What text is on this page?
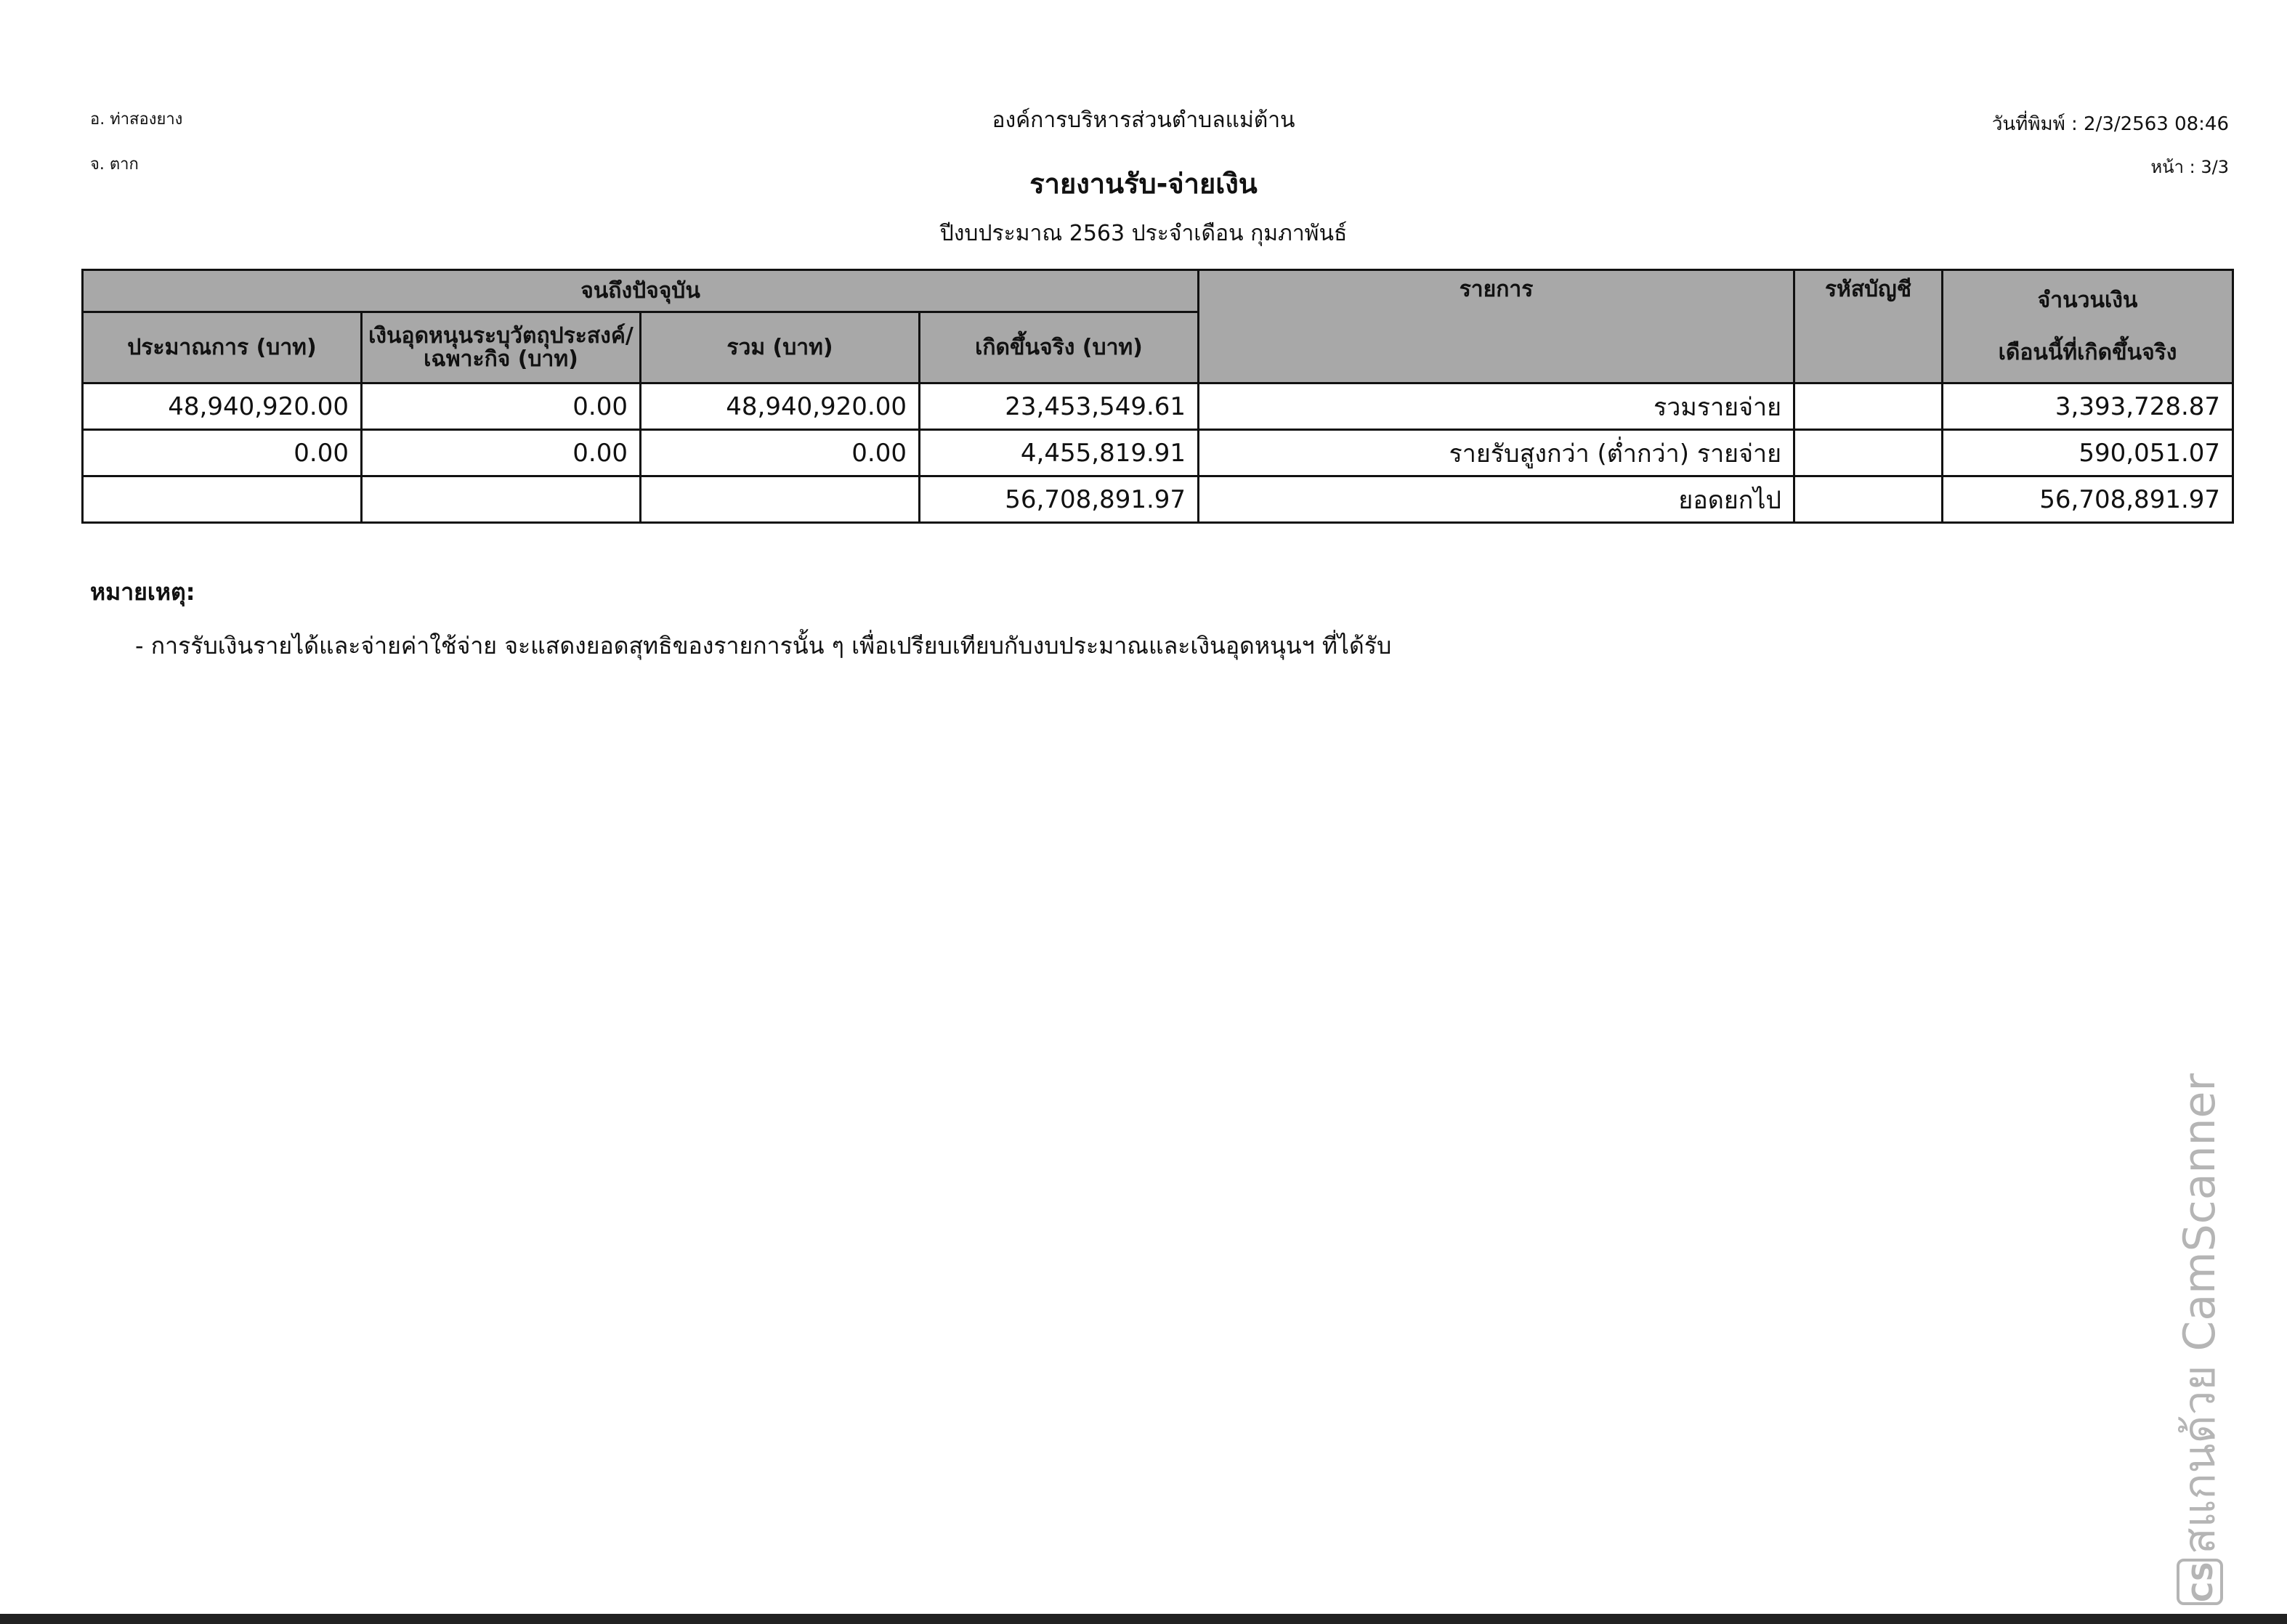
อ. ท่าสองยาง
จ. ตาก
องค์การบริหารส่วนตำบลแม่ต้าน
รายงานรับ-จ่ายเงิน
ปีงบประมาณ 2563 ประจำเดือน กุมภาพันธ์
วันที่พิมพ์ : 2/3/2563 08:46
หน้า : 3/3
จนถึงปัจจุบัน				รายการ	รหัสบัญชี	จำนวนเงิน
เดือนนี้ที่เกิดขึ้นจริง

ประมาณการ (บาท)	เงินอุดหนุนระบุวัตถุประสงค์/เฉพาะกิจ (บาท)	รวม (บาท)	เกิดขึ้นจริง (บาท)			
48,940,920.00	0.00	48,940,920.00	23,453,549.61	รวมรายจ่าย		3,393,728.87
0.00	0.00	0.00	4,455,819.91	รายรับสูงกว่า (ต่ำกว่า) รายจ่าย		590,051.07
			56,708,891.97	ยอดยกไป		56,708,891.97
หมายเหตุ:
- การรับเงินรายได้และจ่ายค่าใช้จ่าย จะแสดงยอดสุทธิของรายการนั้น ๆ เพื่อเปรียบเทียบกับงบประมาณและเงินอุดหนุนฯ ที่ได้รับ
CS
สแกนด้วย CamScanner
